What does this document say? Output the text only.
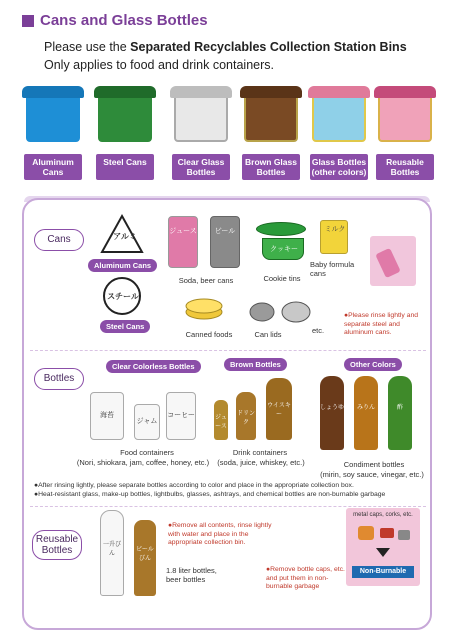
Cans and Glass Bottles
Please use the Separated Recyclables Collection Station Bins
Only applies to food and drink containers.
Aluminum Cans
Steel Cans	Clear Glass Bottles
Brown Glass Bottles
Glass Bottles (other colors)
Reusable Bottles
Cans	アルミ
Aluminum Cans
スチール
Steel Cans
ジュース	ビール
Soda, beer cans
クッキー
Cookie tins
ミルク
Baby formula cans
Canned foods	Can lids	etc.
● Please rinse lightly and separate steel and aluminum cans.
Bottles
Clear Colorless Bottles	Brown Bottles	Other Colors
海苔
ジャム
コーヒー
Food containers
(Nori, shiokara, jam, coffee, honey, etc.)
ジュース
ドリンク
ウイスキー
Drink containers
(soda, juice, whiskey, etc.)
しょうゆ	みりん	酢
Condiment bottles
(mirin, soy sauce, vinegar, etc.)
● After rinsing lightly, please separate bottles according to color and place in the appropriate collection box.
● Heat-resistant glass, make-up bottles, lightbulbs, glasses, ashtrays, and chemical bottles are non-burnable garbage
Reusable
Bottles	一升びん
ビールびん
● Remove all contents, rinse lightly with water and place in the appropriate collection bin.
1.8 liter bottles, beer bottles
● Remove bottle caps, etc. and put them in non-burnable garbage
metal caps, corks, etc.
Non-Burnable
